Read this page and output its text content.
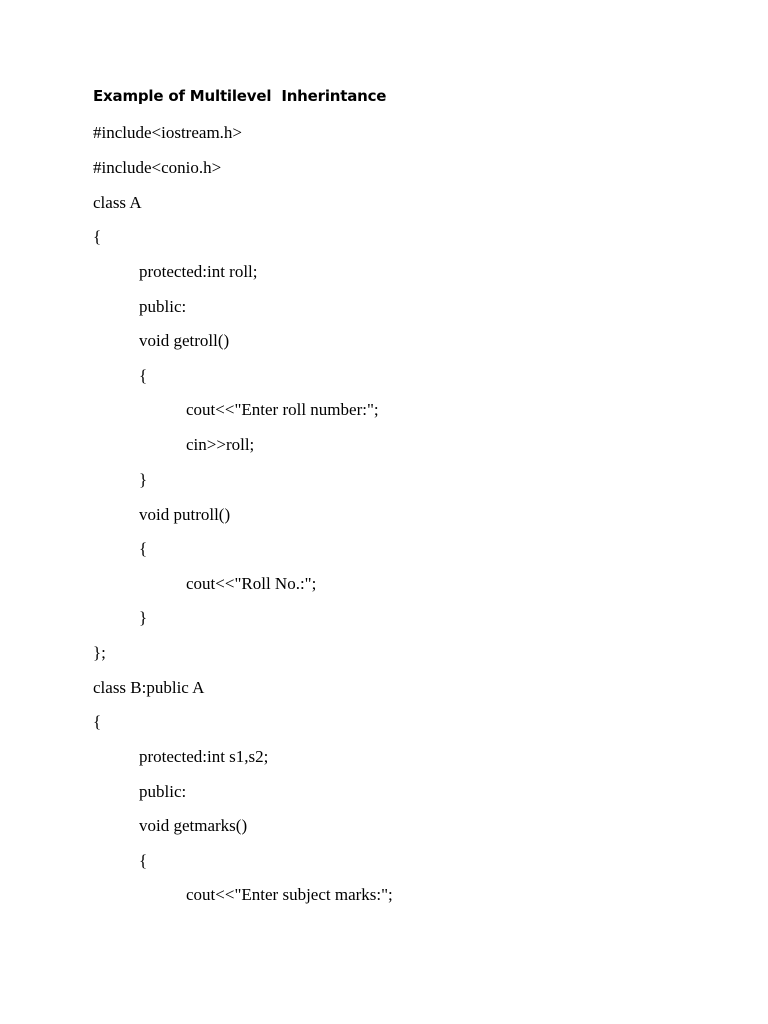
Example of Multilevel  Inherintance

#include<iostream.h>

#include<conio.h>

class A

{

protected:int roll;

public:

void getroll()

{

cout<<"Enter roll number:";

cin>>roll;

}

void putroll()

{

cout<<"Roll No.:";

}

};

class B:public A

{

protected:int s1,s2;

public:

void getmarks()

{

cout<<"Enter subject marks:";
